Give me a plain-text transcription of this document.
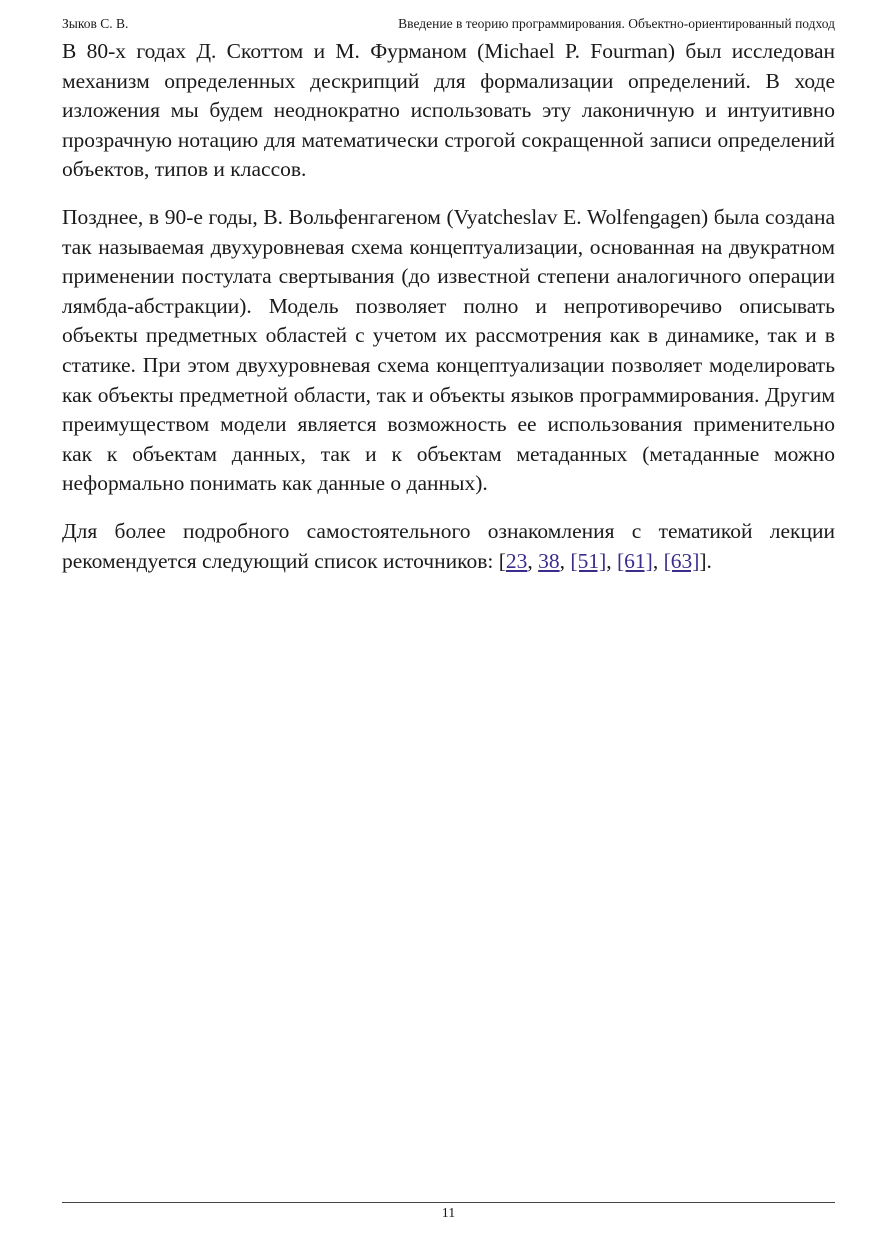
Зыков С. В.	Введение в теорию программирования. Объектно-ориентированный подход

В 80-х годах Д. Скоттом и М. Фурманом (Michael P. Fourman) был исследован механизм определенных дескрипций для формализации определений. В ходе изложения мы будем неоднократно использовать эту лаконичную и интуитивно прозрачную нотацию для математически строгой сокращенной записи определений объектов, типов и классов.

Позднее, в 90-е годы, В. Вольфенгагеном (Vyatcheslav E. Wolfengagen) была создана так называемая двухуровневая схема концептуализации, основанная на двукратном применении постулата свертывания (до известной степени аналогичного операции лямбда-абстракции). Модель позволяет полно и непротиворечиво описывать объекты предметных областей с учетом их рассмотрения как в динамике, так и в статике. При этом двухуровневая схема концептуализации позволяет моделировать как объекты предметной области, так и объекты языков программирования. Другим преимуществом модели является возможность ее использования применительно как к объектам данных, так и к объектам метаданных (метаданные можно неформально понимать как данные о данных).

Для более подробного самостоятельного ознакомления с тематикой лекции рекомендуется следующий список источников: [23, 38, [51], [61], [63]].

11
